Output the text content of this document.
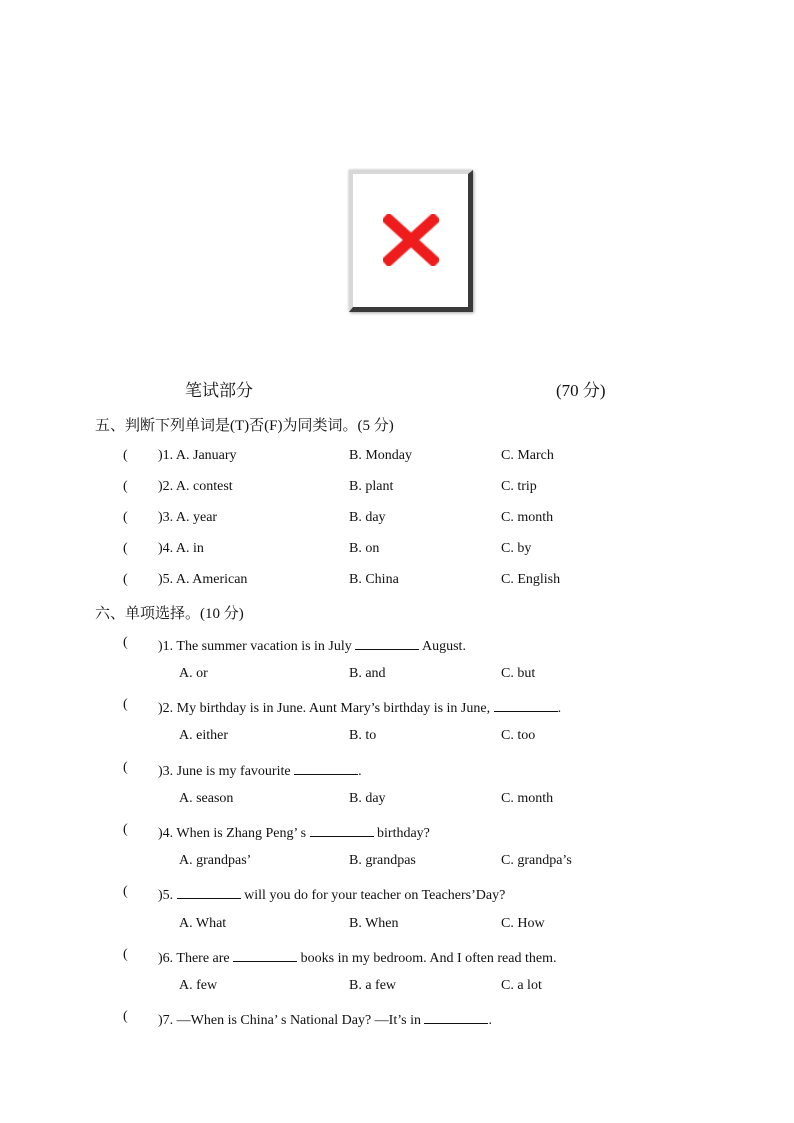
笔试部分	(70 分)
五、判断下列单词是(T)否(F)为同类词。(5 分)
( )1. A. January	B. Monday	C. March
( )2. A. contest	B. plant	C. trip
( )3. A. year	B. day	C. month
( )4. A. in	B. on	C. by
( )5. A. American	B. China	C. English
六、单项选择。(10 分)
( )1. The summer vacation is in July	August.
A. or	B. and	C. but
( )2. My birthday is in June. Aunt Mary’s birthday is in June,	.
A. either	B. to	C. too
( )3. June is my favourite	.
A. season	B. day	C. month
( )4. When is Zhang Peng’ s	birthday?
A. grandpas’	B. grandpas	C. grandpa’s
( )5.	will you do for your teacher on Teachers’Day?
A. What	B. When	C. How
( )6. There are	books in my bedroom. And I often read them.
A. few	B. a few	C. a lot
( )7. —When is China’ s National Day? —It’s in	.
